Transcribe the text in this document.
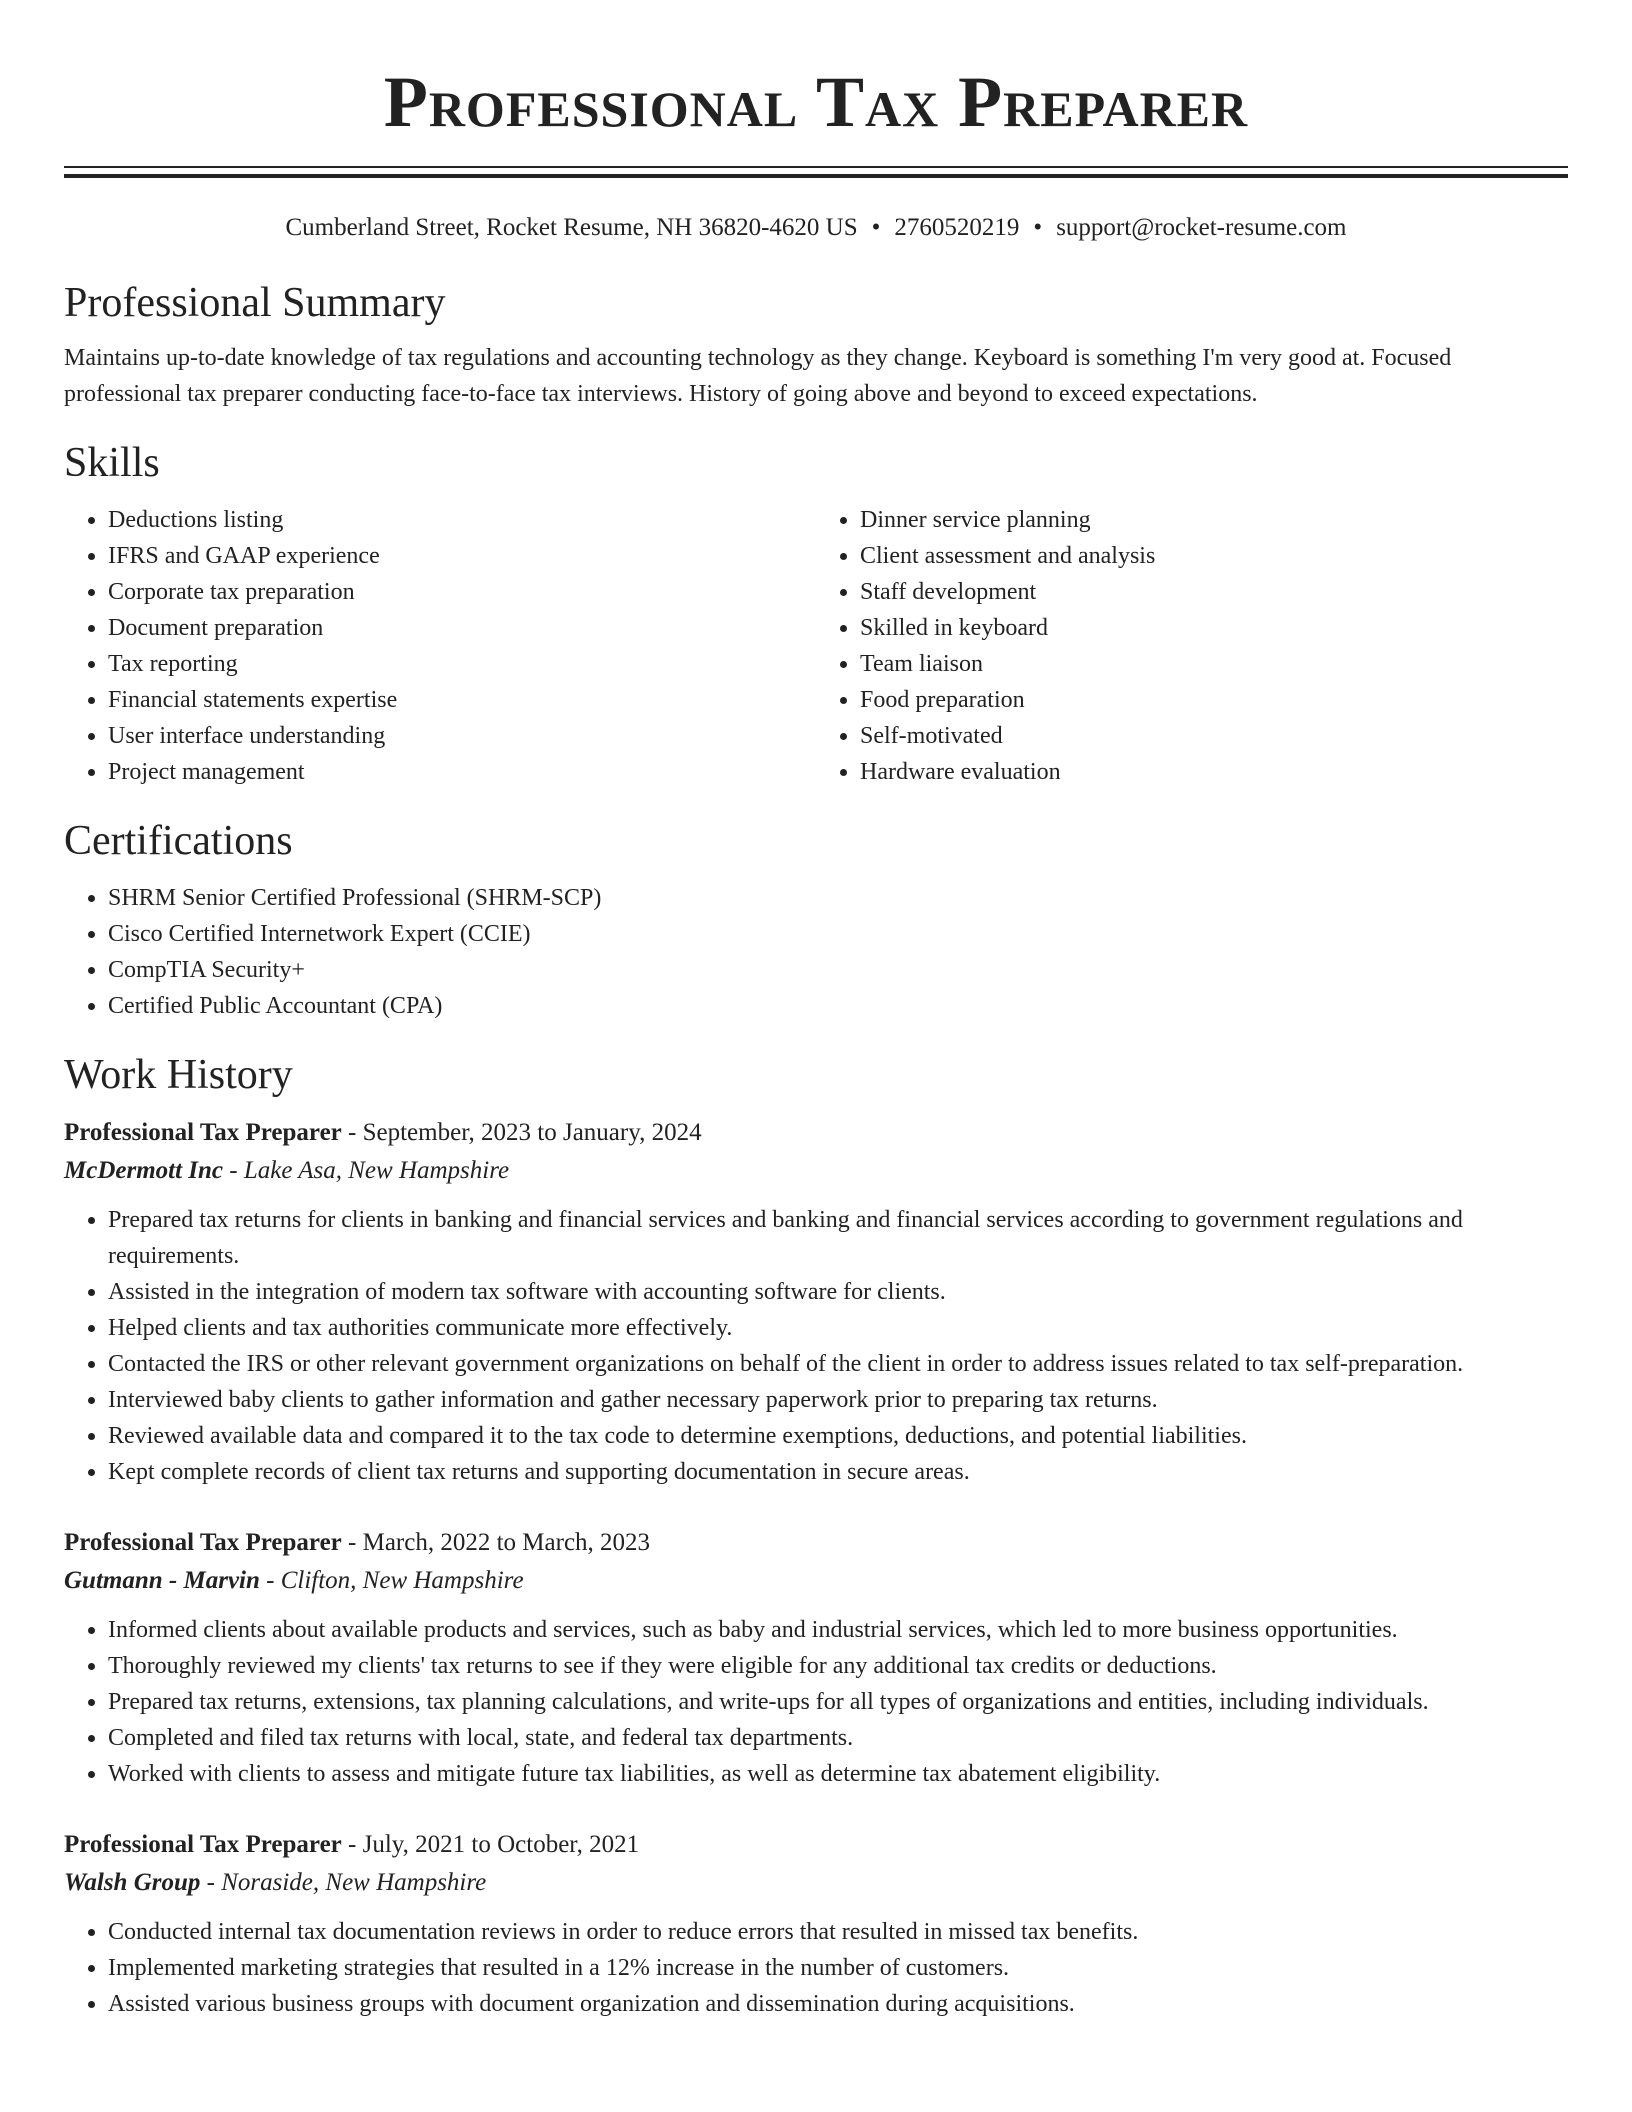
Professional Tax Preparer
Cumberland Street, Rocket Resume, NH 36820-4620 US • 2760520219 • support@rocket-resume.com
Professional Summary
Maintains up-to-date knowledge of tax regulations and accounting technology as they change. Keyboard is something I'm very good at. Focused professional tax preparer conducting face-to-face tax interviews. History of going above and beyond to exceed expectations.
Skills
• Deductions listing
• IFRS and GAAP experience
• Corporate tax preparation
• Document preparation
• Tax reporting
• Financial statements expertise
• User interface understanding
• Project management
• Dinner service planning
• Client assessment and analysis
• Staff development
• Skilled in keyboard
• Team liaison
• Food preparation
• Self-motivated
• Hardware evaluation
Certifications
• SHRM Senior Certified Professional (SHRM-SCP)
• Cisco Certified Internetwork Expert (CCIE)
• CompTIA Security+
• Certified Public Accountant (CPA)
Work History
Professional Tax Preparer - September, 2023 to January, 2024
McDermott Inc - Lake Asa, New Hampshire
• Prepared tax returns for clients in banking and financial services and banking and financial services according to government regulations and requirements.
• Assisted in the integration of modern tax software with accounting software for clients.
• Helped clients and tax authorities communicate more effectively.
• Contacted the IRS or other relevant government organizations on behalf of the client in order to address issues related to tax self-preparation.
• Interviewed baby clients to gather information and gather necessary paperwork prior to preparing tax returns.
• Reviewed available data and compared it to the tax code to determine exemptions, deductions, and potential liabilities.
• Kept complete records of client tax returns and supporting documentation in secure areas.
Professional Tax Preparer - March, 2022 to March, 2023
Gutmann - Marvin - Clifton, New Hampshire
• Informed clients about available products and services, such as baby and industrial services, which led to more business opportunities.
• Thoroughly reviewed my clients' tax returns to see if they were eligible for any additional tax credits or deductions.
• Prepared tax returns, extensions, tax planning calculations, and write-ups for all types of organizations and entities, including individuals.
• Completed and filed tax returns with local, state, and federal tax departments.
• Worked with clients to assess and mitigate future tax liabilities, as well as determine tax abatement eligibility.
Professional Tax Preparer - July, 2021 to October, 2021
Walsh Group - Noraside, New Hampshire
• Conducted internal tax documentation reviews in order to reduce errors that resulted in missed tax benefits.
• Implemented marketing strategies that resulted in a 12% increase in the number of customers.
• Assisted various business groups with document organization and dissemination during acquisitions.
